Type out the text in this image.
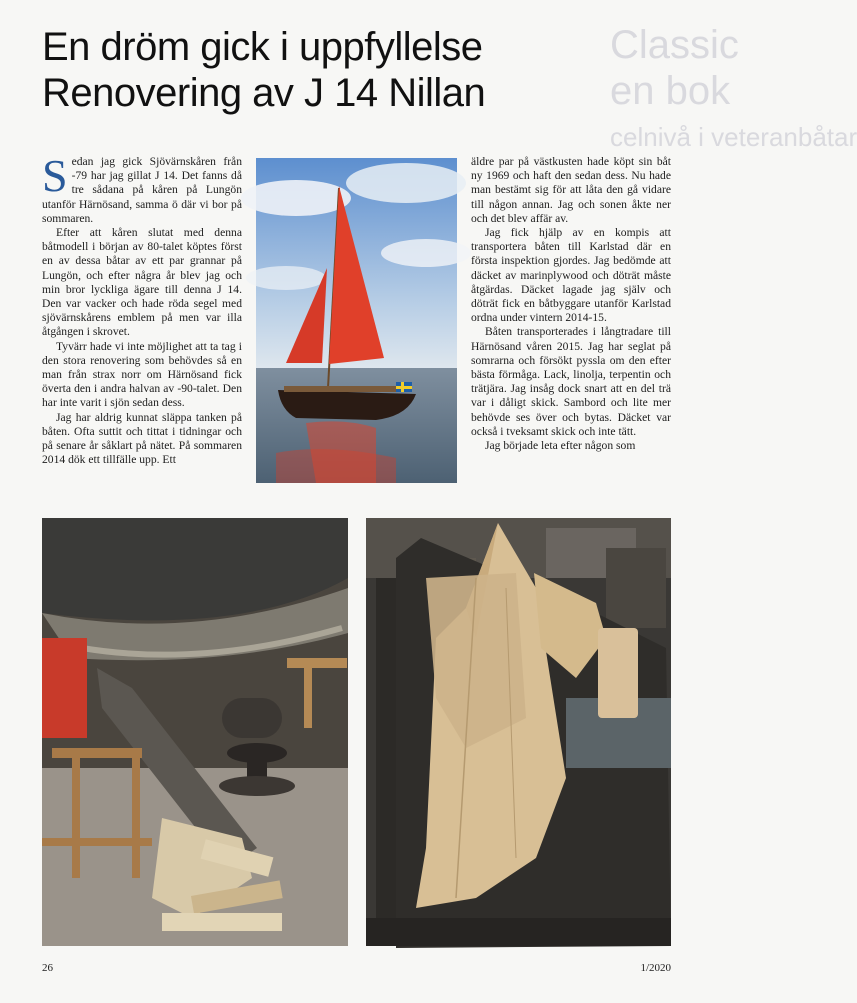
Classic
en bok
celnivå i veteranbåtar
En dröm gick i uppfyllelse
Renovering av J 14 Nillan

Sedan jag gick Sjövärnskåren från -79 har jag gillat J 14. Det fanns då tre sådana på kåren på Lungön utanför Härnösand, samma ö där vi bor på sommaren.

Efter att kåren slutat med denna båtmodell i början av 80-talet köptes först en av dessa båtar av ett par grannar på Lungön, och efter några år blev jag och min bror lyckliga ägare till denna J 14. Den var vacker och hade röda segel med sjövärnskårens emblem på men var illa åtgången i skrovet.

Tyvärr hade vi inte möjlighet att ta tag i den stora renovering som behövdes så en man från strax norr om Härnösand fick överta den i andra halvan av -90-talet. Den har inte varit i sjön sedan dess.

Jag har aldrig kunnat släppa tanken på båten. Ofta suttit och tittat i tidningar och på senare år såklart på nätet. På sommaren 2014 dök ett tillfälle upp. Ett

äldre par på västkusten hade köpt sin båt ny 1969 och haft den sedan dess. Nu hade man bestämt sig för att låta den gå vidare till någon annan. Jag och sonen åkte ner och det blev affär av.

Jag fick hjälp av en kompis att transportera båten till Karlstad där en första inspektion gjordes. Jag bedömde att däcket av marinplywood och döträt måste åtgärdas. Däcket lagade jag själv och döträt fick en båtbyggare utanför Karlstad ordna under vintern 2014-15.

Båten transporterades i långtradare till Härnösand våren 2015. Jag har seglat på somrarna och försökt pyssla om den efter bästa förmåga. Lack, linolja, terpentin och trätjära. Jag insåg dock snart att en del trä var i dåligt skick. Sambord och lite mer behövde ses över och bytas. Däcket var också i tveksamt skick och inte tätt.

Jag började leta efter någon som

26	1/2020
